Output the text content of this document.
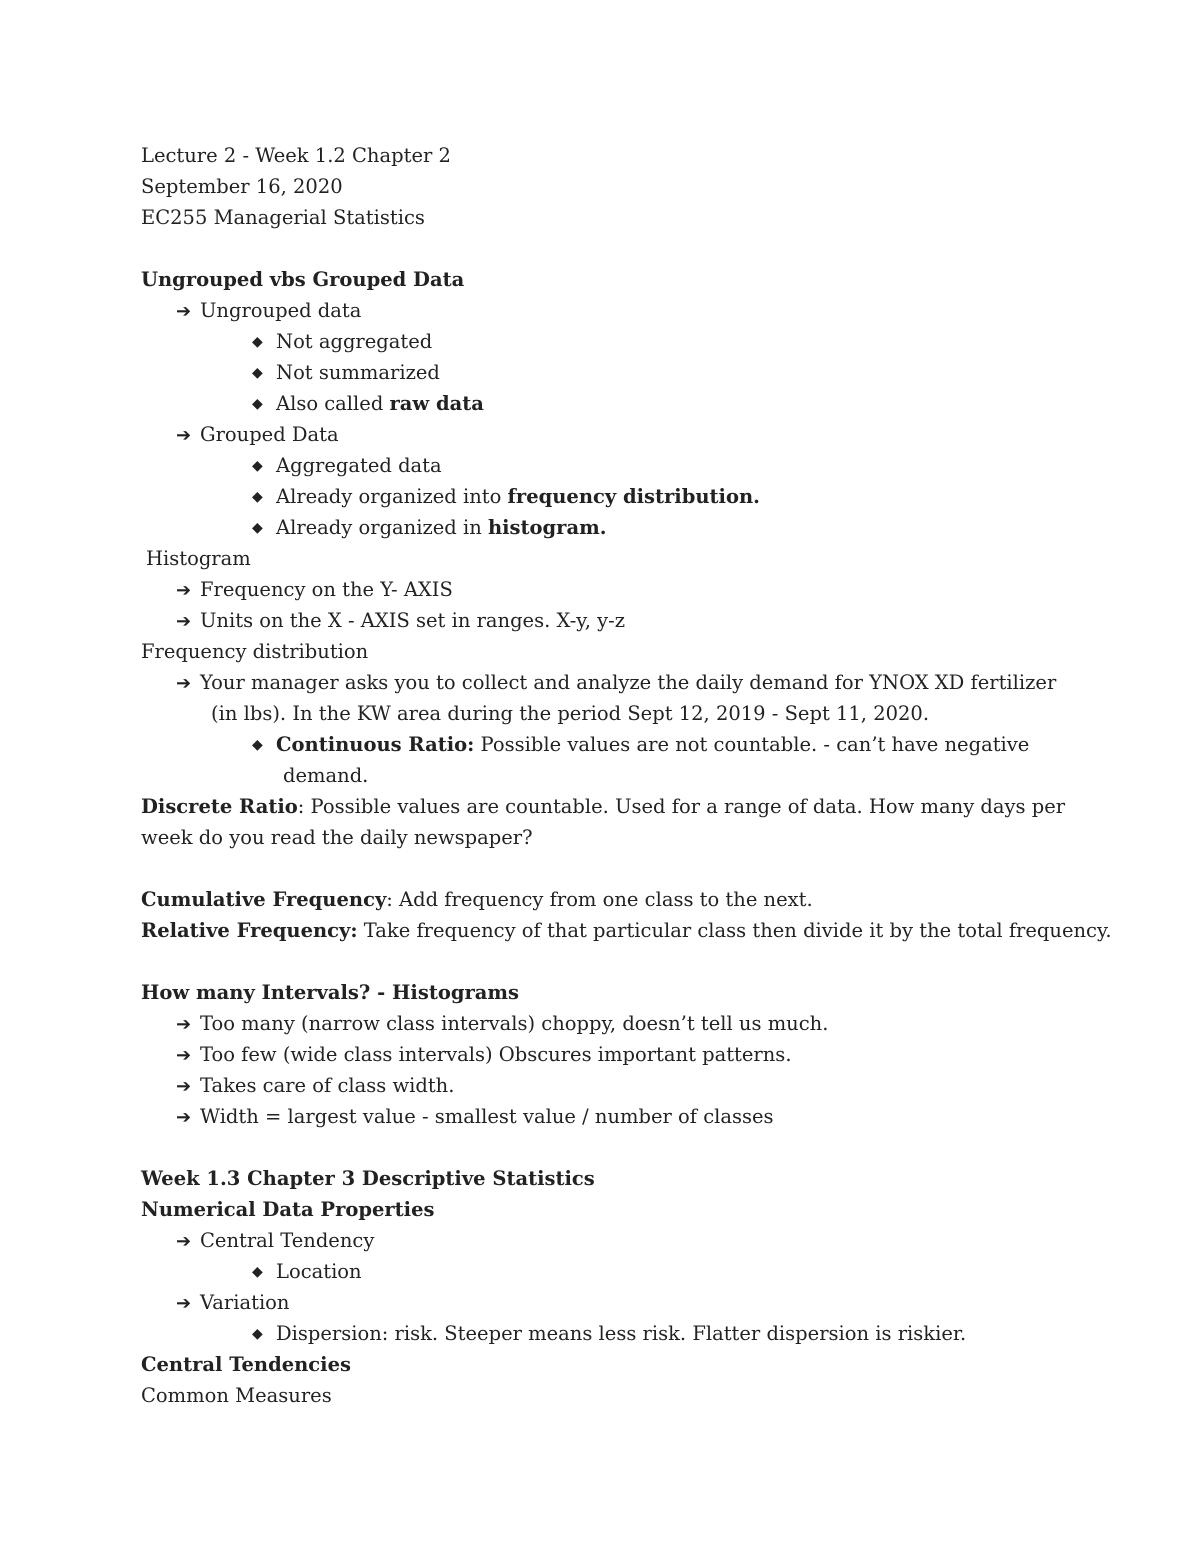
Lecture 2 - Week 1.2 Chapter 2
September 16, 2020
EC255 Managerial Statistics
Ungrouped vbs Grouped Data
➔ Ungrouped data
◆ Not aggregated
◆ Not summarized
◆ Also called raw data
➔ Grouped Data
◆ Aggregated data
◆ Already organized into frequency distribution.
◆ Already organized in histogram.
Histogram
➔ Frequency on the Y- AXIS
➔ Units on the X - AXIS set in ranges. X-y, y-z
Frequency distribution
➔ Your manager asks you to collect and analyze the daily demand for YNOX XD fertilizer
(in lbs). In the KW area during the period Sept 12, 2019 - Sept 11, 2020.
◆ Continuous Ratio: Possible values are not countable. - can’t have negative
demand.
Discrete Ratio: Possible values are countable. Used for a range of data. How many days per
week do you read the daily newspaper?
Cumulative Frequency: Add frequency from one class to the next.
Relative Frequency: Take frequency of that particular class then divide it by the total frequency.
How many Intervals? - Histograms
➔ Too many (narrow class intervals) choppy, doesn’t tell us much.
➔ Too few (wide class intervals) Obscures important patterns.
➔ Takes care of class width.
➔ Width = largest value - smallest value / number of classes
Week 1.3 Chapter 3 Descriptive Statistics
Numerical Data Properties
➔ Central Tendency
◆ Location
➔ Variation
◆ Dispersion: risk. Steeper means less risk. Flatter dispersion is riskier.
Central Tendencies
Common Measures
